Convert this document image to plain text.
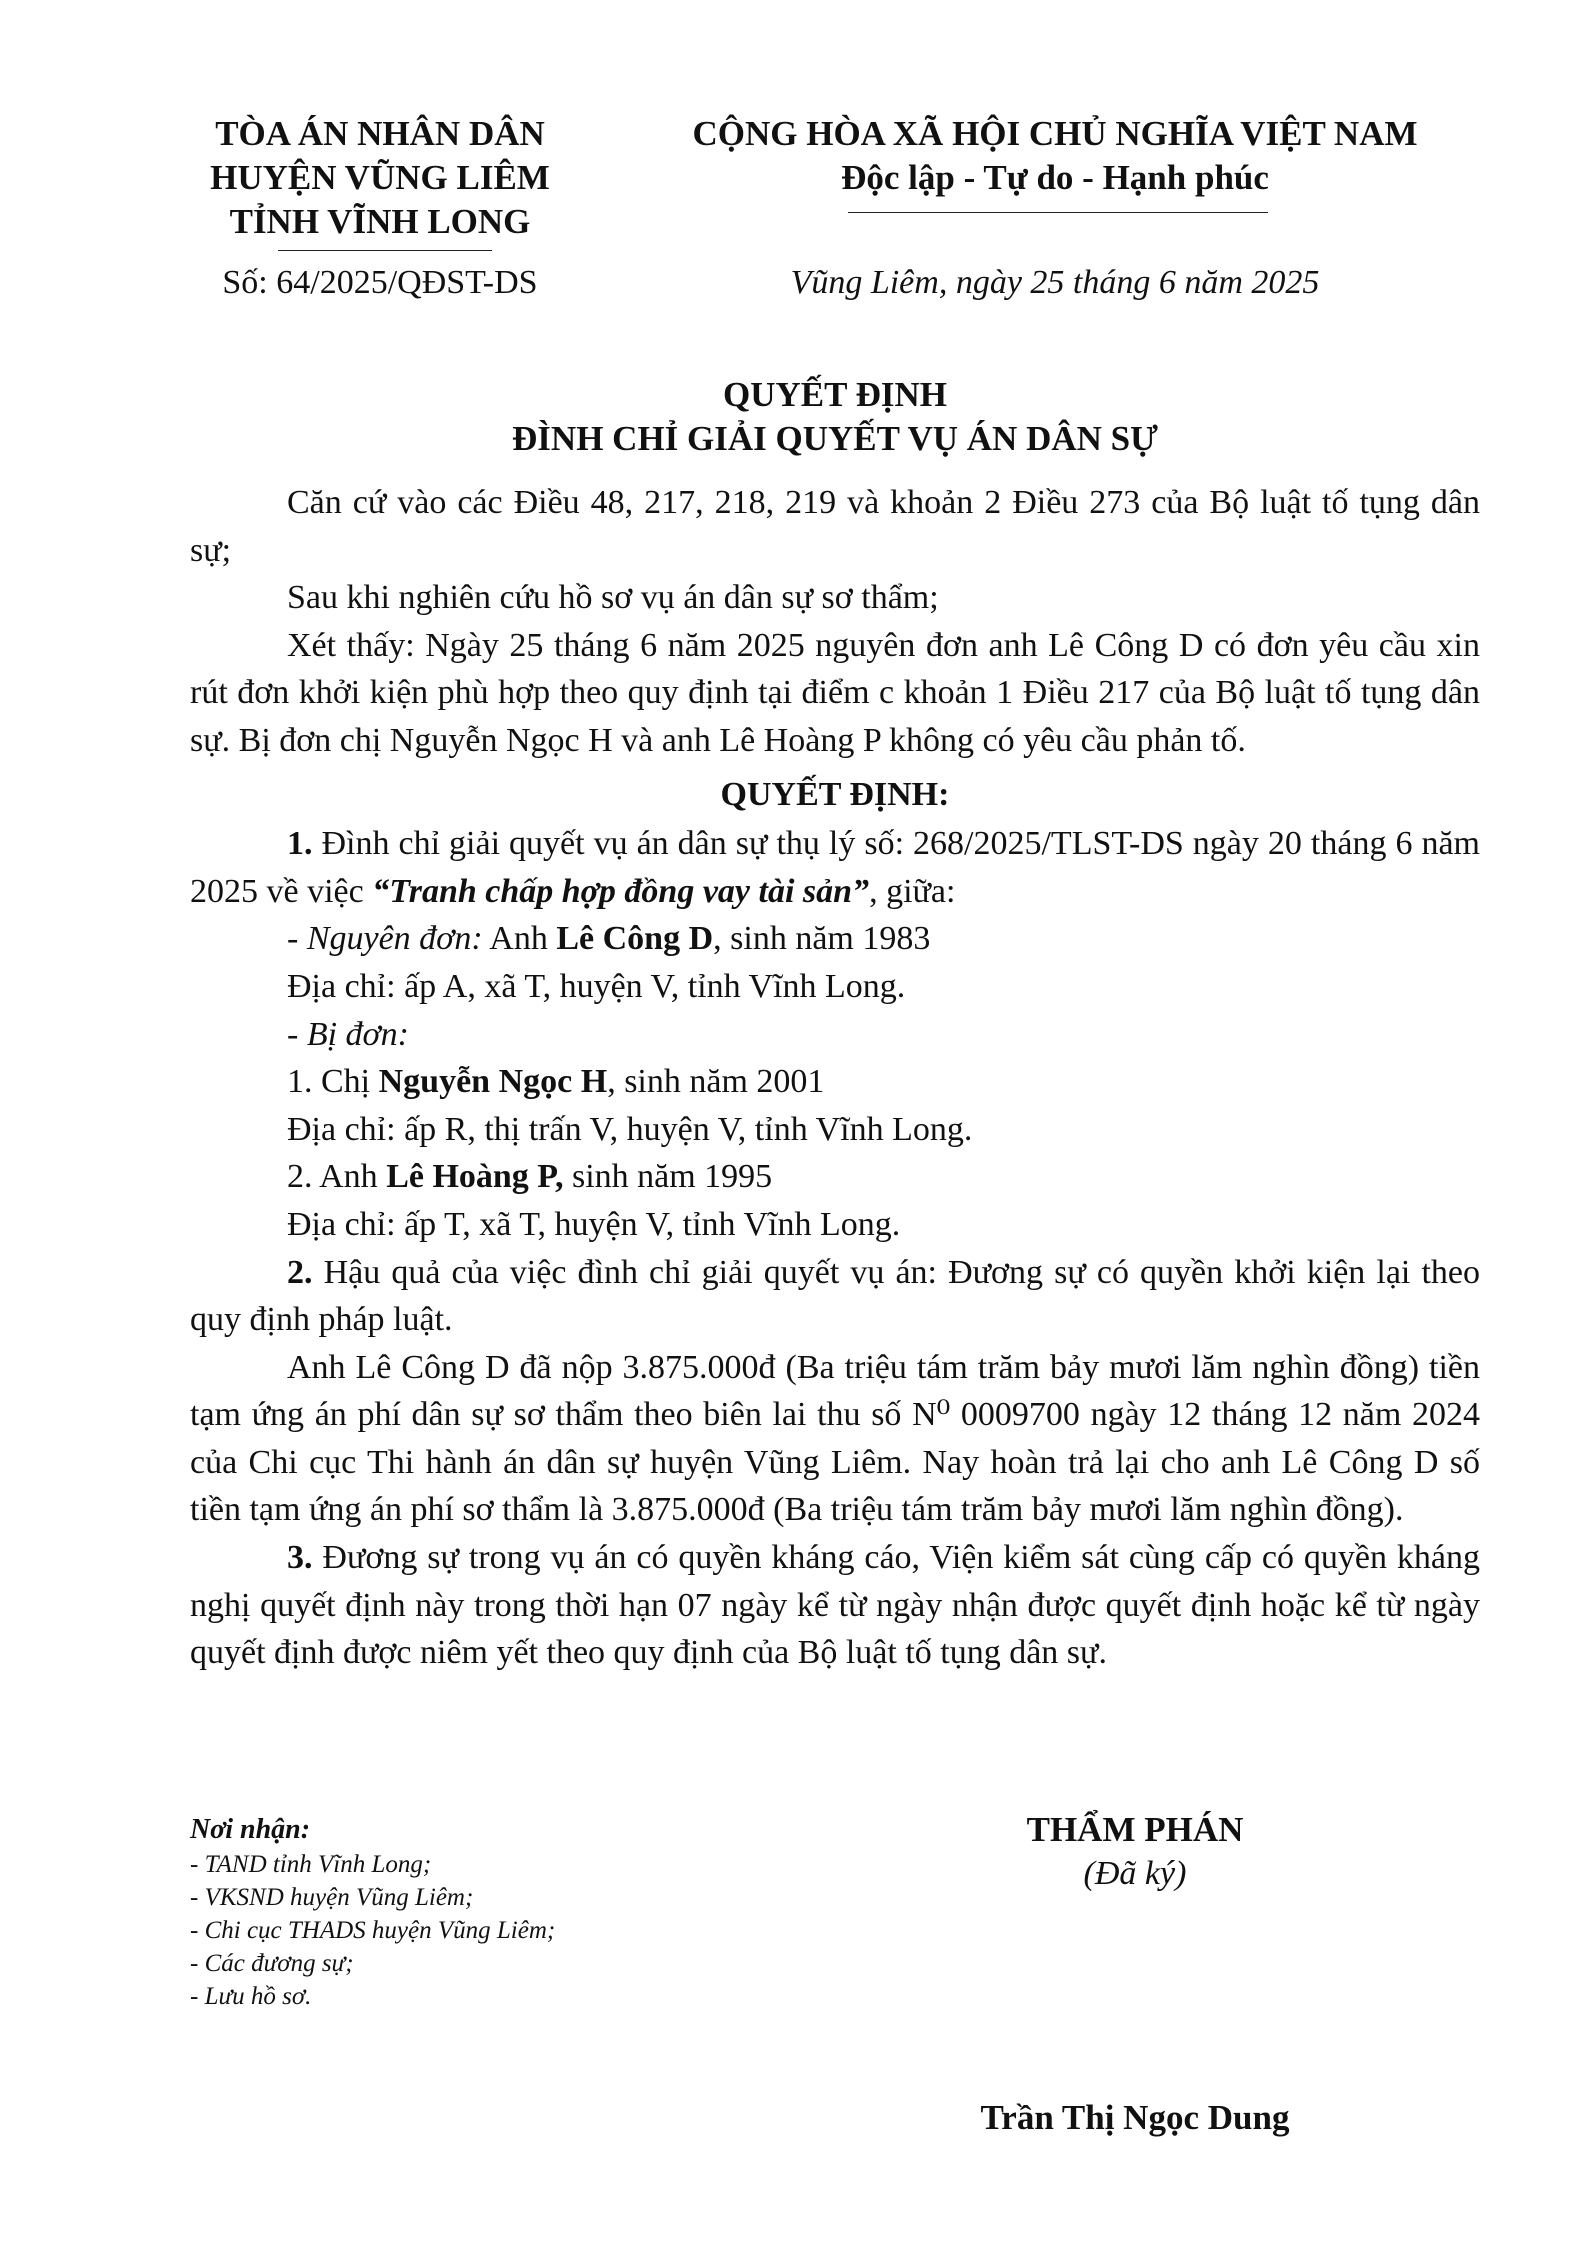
TÒA ÁN NHÂN DÂN
HUYỆN VŨNG LIÊM
TỈNH VĨNH LONG
Số: 64/2025/QĐST-DS
CỘNG HÒA XÃ HỘI CHỦ NGHĨA VIỆT NAM
Độc lập - Tự do - Hạnh phúc
Vũng Liêm, ngày 25 tháng 6 năm 2025
QUYẾT ĐỊNH
ĐÌNH CHỈ GIẢI QUYẾT VỤ ÁN DÂN SỰ

Căn cứ vào các Điều 48, 217, 218, 219 và khoản 2 Điều 273 của Bộ luật tố tụng dân sự;

Sau khi nghiên cứu hồ sơ vụ án dân sự sơ thẩm;

Xét thấy: Ngày 25 tháng 6 năm 2025 nguyên đơn anh Lê Công D có đơn yêu cầu xin rút đơn khởi kiện phù hợp theo quy định tại điểm c khoản 1 Điều 217 của Bộ luật tố tụng dân sự. Bị đơn chị Nguyễn Ngọc H và anh Lê Hoàng P không có yêu cầu phản tố.

QUYẾT ĐỊNH:

1. Đình chỉ giải quyết vụ án dân sự thụ lý số: 268/2025/TLST-DS ngày 20 tháng 6 năm 2025 về việc “Tranh chấp hợp đồng vay tài sản”, giữa:

- Nguyên đơn: Anh Lê Công D, sinh năm 1983

Địa chỉ: ấp A, xã T, huyện V, tỉnh Vĩnh Long.

- Bị đơn:

1. Chị Nguyễn Ngọc H, sinh năm 2001

Địa chỉ: ấp R, thị trấn V, huyện V, tỉnh Vĩnh Long.

2. Anh Lê Hoàng P, sinh năm 1995

Địa chỉ: ấp T, xã T, huyện V, tỉnh Vĩnh Long.

2. Hậu quả của việc đình chỉ giải quyết vụ án: Đương sự có quyền khởi kiện lại theo quy định pháp luật.

Anh Lê Công D đã nộp 3.875.000đ (Ba triệu tám trăm bảy mươi lăm nghìn đồng) tiền tạm ứng án phí dân sự sơ thẩm theo biên lai thu số N⁰ 0009700 ngày 12 tháng 12 năm 2024 của Chi cục Thi hành án dân sự huyện Vũng Liêm. Nay hoàn trả lại cho anh Lê Công D số tiền tạm ứng án phí sơ thẩm là 3.875.000đ (Ba triệu tám trăm bảy mươi lăm nghìn đồng).

3. Đương sự trong vụ án có quyền kháng cáo, Viện kiểm sát cùng cấp có quyền kháng nghị quyết định này trong thời hạn 07 ngày kể từ ngày nhận được quyết định hoặc kể từ ngày quyết định được niêm yết theo quy định của Bộ luật tố tụng dân sự.

Nơi nhận:
- TAND tỉnh Vĩnh Long;
- VKSND huyện Vũng Liêm;
- Chi cục THADS huyện Vũng Liêm;
- Các đương sự;
- Lưu hồ sơ.
THẨM PHÁN
(Đã ký)
Trần Thị Ngọc Dung
